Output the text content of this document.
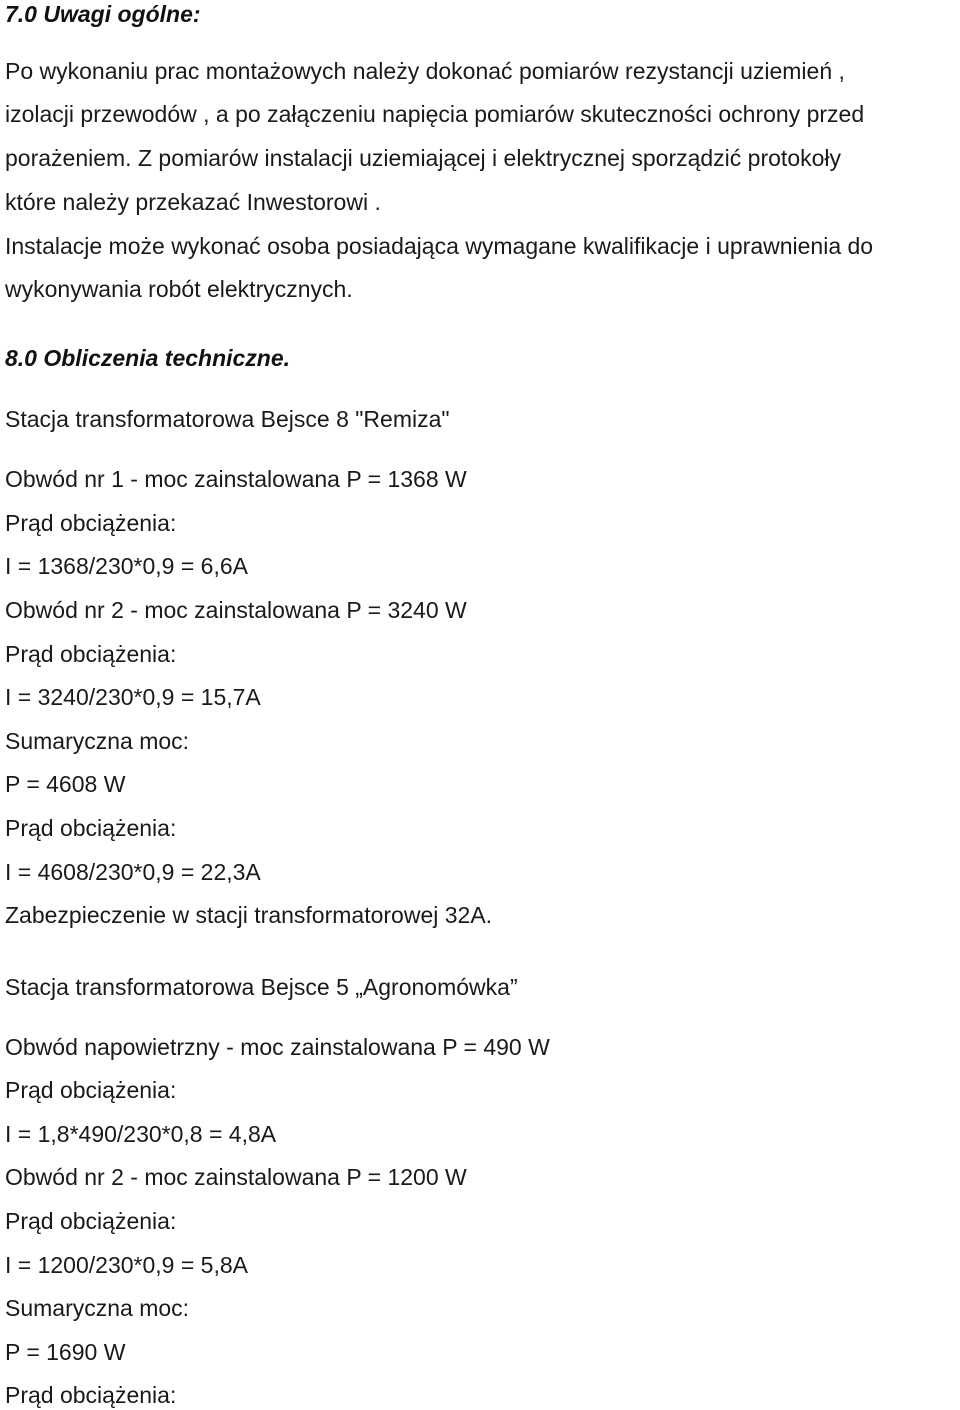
7.0 Uwagi ogólne:
Po wykonaniu prac montażowych należy dokonać pomiarów rezystancji uziemień ,
izolacji przewodów , a po załączeniu napięcia pomiarów skuteczności ochrony przed
porażeniem. Z pomiarów instalacji uziemiającej i elektrycznej sporządzić protokoły
które należy przekazać Inwestorowi .
Instalacje może wykonać osoba posiadająca wymagane kwalifikacje i uprawnienia do
wykonywania robót elektrycznych.
8.0 Obliczenia techniczne.
Stacja transformatorowa Bejsce 8 "Remiza"
Obwód nr 1 - moc zainstalowana P = 1368 W
Prąd obciążenia:
I = 1368/230*0,9 = 6,6A
Obwód nr 2 - moc zainstalowana P = 3240 W
Prąd obciążenia:
I = 3240/230*0,9 = 15,7A
Sumaryczna moc:
P = 4608 W
Prąd obciążenia:
I = 4608/230*0,9 = 22,3A
Zabezpieczenie w stacji transformatorowej 32A.
Stacja transformatorowa Bejsce 5 „Agronomówka”
Obwód napowietrzny - moc zainstalowana P = 490 W
Prąd obciążenia:
I = 1,8*490/230*0,8 = 4,8A
Obwód nr 2 - moc zainstalowana P = 1200 W
Prąd obciążenia:
I = 1200/230*0,9 = 5,8A
Sumaryczna moc:
P = 1690 W
Prąd obciążenia:
